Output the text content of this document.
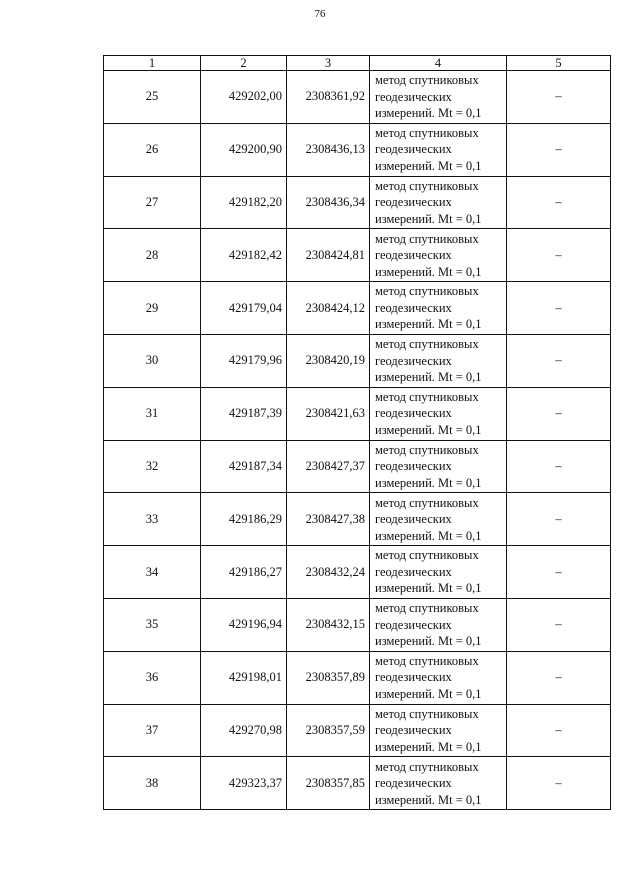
76
1	2	3	4	5
25	429202,00	2308361,92	метод спутниковых
геодезических
измерений. Mt = 0,1	–
26	429200,90	2308436,13	метод спутниковых
геодезических
измерений. Mt = 0,1	–
27	429182,20	2308436,34	метод спутниковых
геодезических
измерений. Mt = 0,1	–
28	429182,42	2308424,81	метод спутниковых
геодезических
измерений. Mt = 0,1	–
29	429179,04	2308424,12	метод спутниковых
геодезических
измерений. Mt = 0,1	–
30	429179,96	2308420,19	метод спутниковых
геодезических
измерений. Mt = 0,1	–
31	429187,39	2308421,63	метод спутниковых
геодезических
измерений. Mt = 0,1	–
32	429187,34	2308427,37	метод спутниковых
геодезических
измерений. Mt = 0,1	–
33	429186,29	2308427,38	метод спутниковых
геодезических
измерений. Mt = 0,1	–
34	429186,27	2308432,24	метод спутниковых
геодезических
измерений. Mt = 0,1	–
35	429196,94	2308432,15	метод спутниковых
геодезических
измерений. Mt = 0,1	–
36	429198,01	2308357,89	метод спутниковых
геодезических
измерений. Mt = 0,1	–
37	429270,98	2308357,59	метод спутниковых
геодезических
измерений. Mt = 0,1	–
38	429323,37	2308357,85	метод спутниковых
геодезических
измерений. Mt = 0,1	–
